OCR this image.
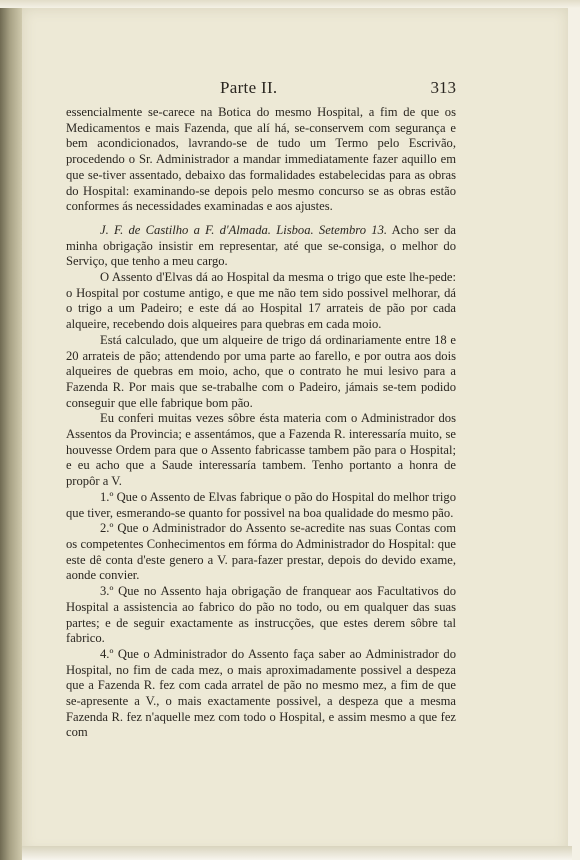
Parte II.	313

essencialmente se-carece na Botica do mesmo Hospital, a fim de que os Medicamentos e mais Fazenda, que alí há, se-conservem com segurança e bem acondicionados, lavrando-se de tudo um Termo pelo Escrivão, procedendo o Sr. Administrador a mandar immediatamente fazer aquillo em que se-tiver assentado, debaixo das formalidades estabelecidas para as obras do Hospital: examinando-se depois pelo mesmo concurso se as obras estão conformes ás necessidades examinadas e aos ajustes.

J. F. de Castilho a F. d'Almada. Lisboa. Setembro 13. Acho ser da minha obrigação insistir em representar, até que se-consiga, o melhor do Serviço, que tenho a meu cargo.

O Assento d'Elvas dá ao Hospital da mesma o trigo que este lhe-pede: o Hospital por costume antigo, e que me não tem sido possivel melhorar, dá o trigo a um Padeiro; e este dá ao Hospital 17 arrateis de pão por cada alqueire, recebendo dois alqueires para quebras em cada moio.

Está calculado, que um alqueire de trigo dá ordinariamente entre 18 e 20 arrateis de pão; attendendo por uma parte ao farello, e por outra aos dois alqueires de quebras em moio, acho, que o contrato he mui lesivo para a Fazenda R. Por mais que se-trabalhe com o Padeiro, jámais se-tem podido conseguir que elle fabrique bom pão.

Eu conferi muitas vezes sôbre ésta materia com o Administrador dos Assentos da Provincia; e assentámos, que a Fazenda R. interessaría muito, se houvesse Ordem para que o Assento fabricasse tambem pão para o Hospital; e eu acho que a Saude interessaría tambem. Tenho portanto a honra de propôr a V.

1.º Que o Assento de Elvas fabrique o pão do Hospital do melhor trigo que tiver, esmerando-se quanto for possivel na boa qualidade do mesmo pão.

2.º Que o Administrador do Assento se-acredite nas suas Contas com os competentes Conhecimentos em fórma do Administrador do Hospital: que este dê conta d'este genero a V. para-fazer prestar, depois do devido exame, aonde convier.

3.º Que no Assento haja obrigação de franquear aos Facultativos do Hospital a assistencia ao fabrico do pão no todo, ou em qualquer das suas partes; e de seguir exactamente as instrucções, que estes derem sôbre tal fabrico.

4.º Que o Administrador do Assento faça saber ao Administrador do Hospital, no fim de cada mez, o mais aproximadamente possivel a despeza que a Fazenda R. fez com cada arratel de pão no mesmo mez, a fim de que se-apresente a V., o mais exactamente possivel, a despeza que a mesma Fazenda R. fez n'aquelle mez com todo o Hospital, e assim mesmo a que fez com
